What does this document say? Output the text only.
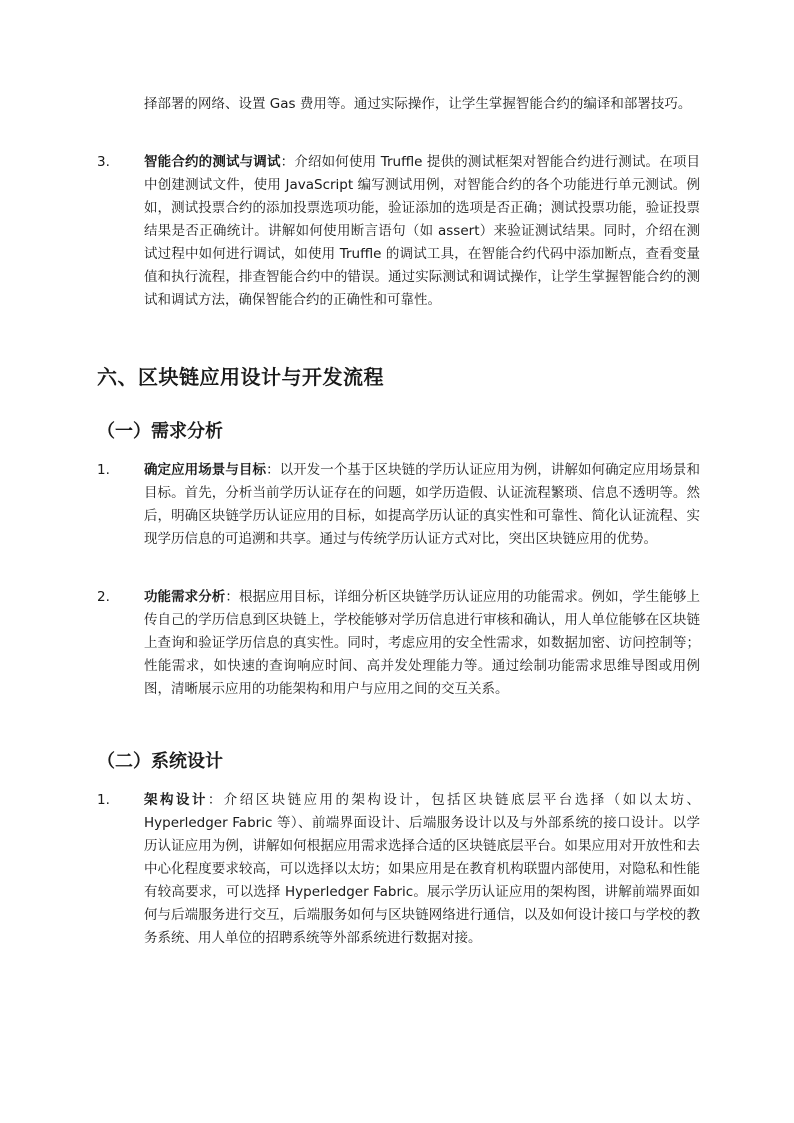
择部署的网络、设置 Gas 费用等。通过实际操作，让学生掌握智能合约的编译和部署技巧。
3.	智能合约的测试与调试：介绍如何使用 Truffle 提供的测试框架对智能合约进行测试。在项目中创建测试文件，使用 JavaScript 编写测试用例，对智能合约的各个功能进行单元测试。例如，测试投票合约的添加投票选项功能，验证添加的选项是否正确；测试投票功能，验证投票结果是否正确统计。讲解如何使用断言语句（如 assert）来验证测试结果。同时，介绍在测试过程中如何进行调试，如使用 Truffle 的调试工具，在智能合约代码中添加断点，查看变量值和执行流程，排查智能合约中的错误。通过实际测试和调试操作，让学生掌握智能合约的测试和调试方法，确保智能合约的正确性和可靠性。
六、区块链应用设计与开发流程
（一）需求分析
1.	确定应用场景与目标：以开发一个基于区块链的学历认证应用为例，讲解如何确定应用场景和目标。首先，分析当前学历认证存在的问题，如学历造假、认证流程繁琐、信息不透明等。然后，明确区块链学历认证应用的目标，如提高学历认证的真实性和可靠性、简化认证流程、实现学历信息的可追溯和共享。通过与传统学历认证方式对比，突出区块链应用的优势。
2.	功能需求分析：根据应用目标，详细分析区块链学历认证应用的功能需求。例如，学生能够上传自己的学历信息到区块链上，学校能够对学历信息进行审核和确认，用人单位能够在区块链上查询和验证学历信息的真实性。同时，考虑应用的安全性需求，如数据加密、访问控制等；性能需求，如快速的查询响应时间、高并发处理能力等。通过绘制功能需求思维导图或用例图，清晰展示应用的功能架构和用户与应用之间的交互关系。
（二）系统设计
1.	架构设计：介绍区块链应用的架构设计，包括区块链底层平台选择（如以太坊、Hyperledger Fabric 等）、前端界面设计、后端服务设计以及与外部系统的接口设计。以学历认证应用为例，讲解如何根据应用需求选择合适的区块链底层平台。如果应用对开放性和去中心化程度要求较高，可以选择以太坊；如果应用是在教育机构联盟内部使用，对隐私和性能有较高要求，可以选择 Hyperledger Fabric。展示学历认证应用的架构图，讲解前端界面如何与后端服务进行交互，后端服务如何与区块链网络进行通信，以及如何设计接口与学校的教务系统、用人单位的招聘系统等外部系统进行数据对接。
